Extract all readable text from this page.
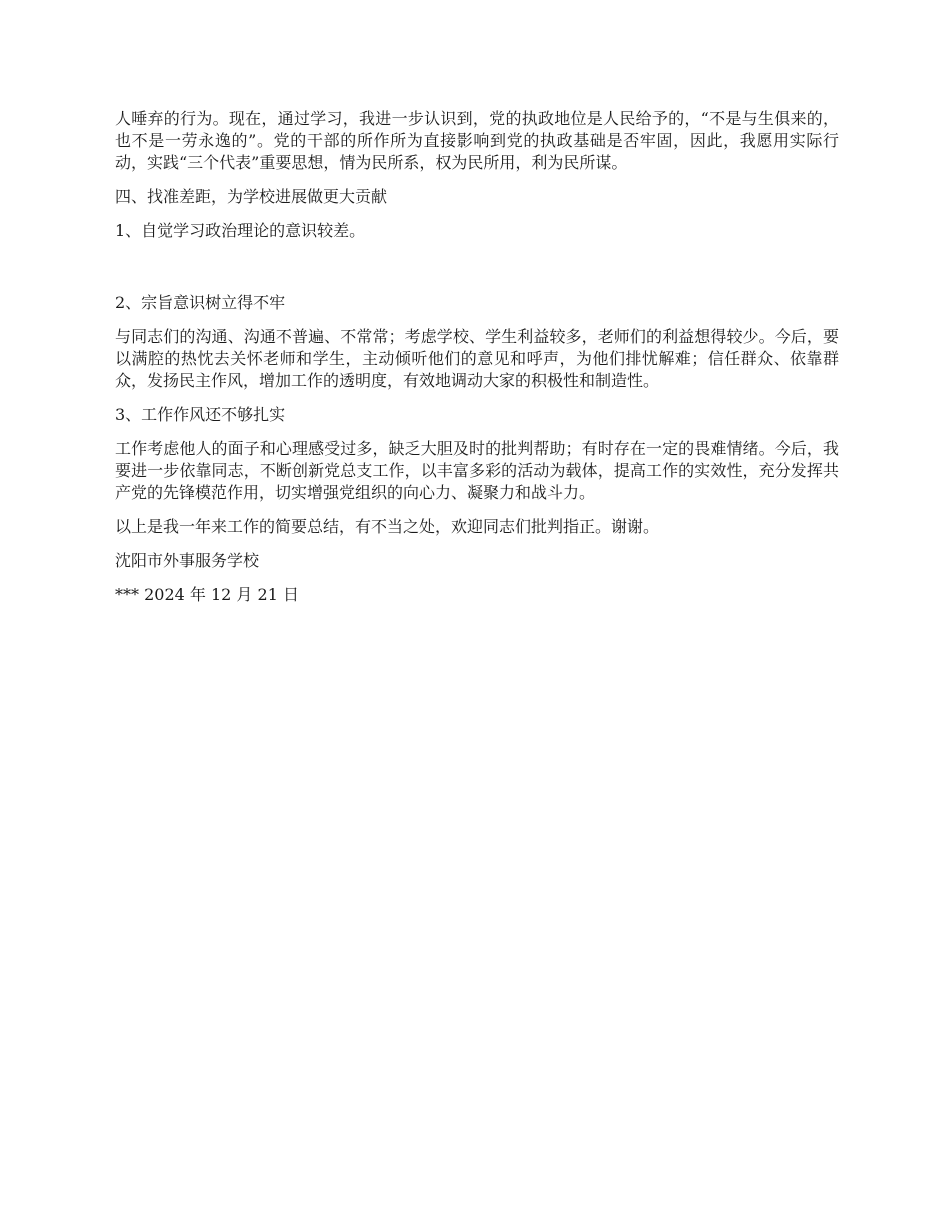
人唾弃的行为。现在，通过学习，我进一步认识到，党的执政地位是人民给予的，“不是与生俱来的，也不是一劳永逸的”。党的干部的所作所为直接影响到党的执政基础是否牢固，因此，我愿用实际行动，实践“三个代表”重要思想，情为民所系，权为民所用，利为民所谋。

四、找准差距，为学校进展做更大贡献

1、自觉学习政治理论的意识较差。

2、宗旨意识树立得不牢

与同志们的沟通、沟通不普遍、不常常；考虑学校、学生利益较多，老师们的利益想得较少。今后，要以满腔的热忱去关怀老师和学生，主动倾听他们的意见和呼声，为他们排忧解难；信任群众、依靠群众，发扬民主作风，增加工作的透明度，有效地调动大家的积极性和制造性。

3、工作作风还不够扎实

工作考虑他人的面子和心理感受过多，缺乏大胆及时的批判帮助；有时存在一定的畏难情绪。今后，我要进一步依靠同志，不断创新党总支工作，以丰富多彩的活动为载体，提高工作的实效性，充分发挥共产党的先锋模范作用，切实增强党组织的向心力、凝聚力和战斗力。

以上是我一年来工作的简要总结，有不当之处，欢迎同志们批判指正。谢谢。

沈阳市外事服务学校

*** 2024 年 12 月 21 日
